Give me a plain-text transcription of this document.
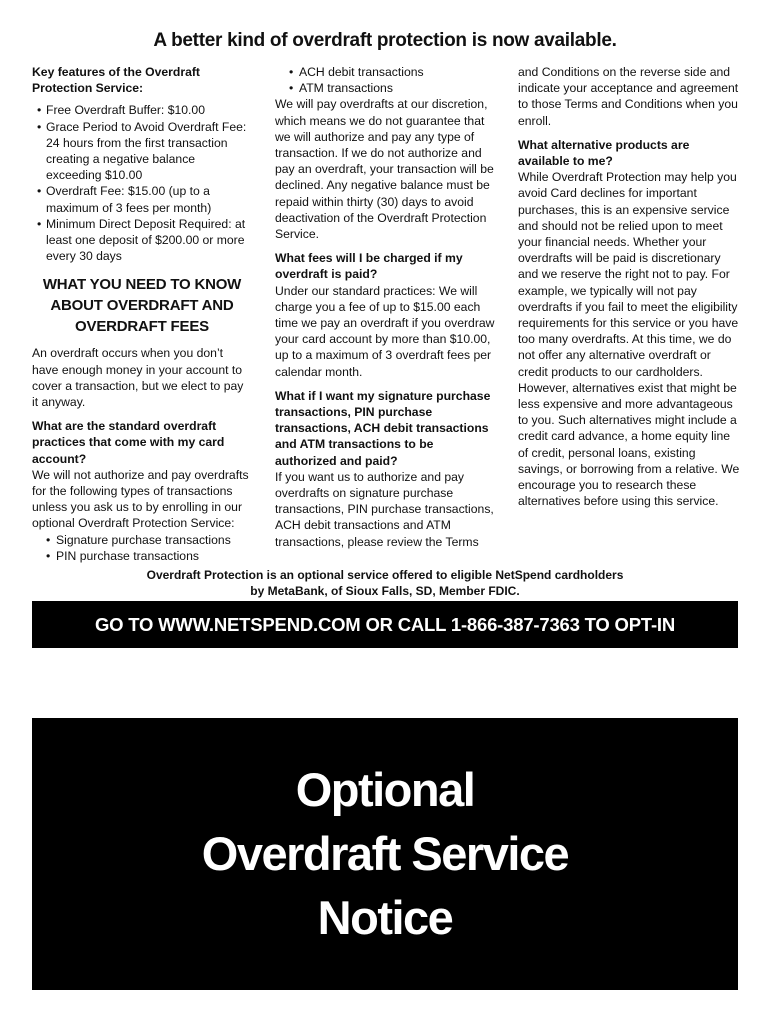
A better kind of overdraft protection is now available.

Key features of the Overdraft Protection Service:

• Free Overdraft Buffer: $10.00
• Grace Period to Avoid Overdraft Fee: 24 hours from the first transaction creating a negative balance exceeding $10.00
• Overdraft Fee: $15.00 (up to a maximum of 3 fees per month)
• Minimum Direct Deposit Required: at least one deposit of $200.00 or more every 30 days
WHAT YOU NEED TO KNOW ABOUT OVERDRAFT AND OVERDRAFT FEES

An overdraft occurs when you don’t have enough money in your account to cover a transaction, but we elect to pay it anyway.

What are the standard overdraft practices that come with my card account?

We will not authorize and pay overdrafts for the following types of transactions unless you ask us to by enrolling in our optional Overdraft Protection Service:

• Signature purchase transactions
• PIN purchase transactions
• ACH debit transactions
• ATM transactions

We will pay overdrafts at our discretion, which means we do not guarantee that we will authorize and pay any type of transaction. If we do not authorize and pay an overdraft, your transaction will be declined. Any negative balance must be repaid within thirty (30) days to avoid deactivation of the Overdraft Protection Service.

What fees will I be charged if my overdraft is paid?

Under our standard practices: We will charge you a fee of up to $15.00 each time we pay an overdraft if you overdraw your card account by more than $10.00, up to a maximum of 3 overdraft fees per calendar month.

What if I want my signature purchase transactions, PIN purchase transactions, ACH debit transactions and ATM transactions to be authorized and paid?

If you want us to authorize and pay overdrafts on signature purchase transactions, PIN purchase transactions, ACH debit transactions and ATM transactions, please review the Terms

and Conditions on the reverse side and indicate your acceptance and agreement to those Terms and Conditions when you enroll.

What alternative products are available to me?

While Overdraft Protection may help you avoid Card declines for important purchases, this is an expensive service and should not be relied upon to meet your financial needs. Whether your overdrafts will be paid is discretionary and we reserve the right not to pay. For example, we typically will not pay overdrafts if you fail to meet the eligibility requirements for this service or you have too many overdrafts. At this time, we do not offer any alternative overdraft or credit products to our cardholders. However, alternatives exist that might be less expensive and more advantageous to you. Such alternatives might include a credit card advance, a home equity line of credit, personal loans, existing savings, or borrowing from a relative. We encourage you to research these alternatives before using this service.

Overdraft Protection is an optional service offered to eligible NetSpend cardholders
by MetaBank, of Sioux Falls, SD, Member FDIC.
GO TO WWW.NETSPEND.COM OR CALL 1-866-387-7363 TO OPT-IN
Optional
Overdraft Service
Notice
